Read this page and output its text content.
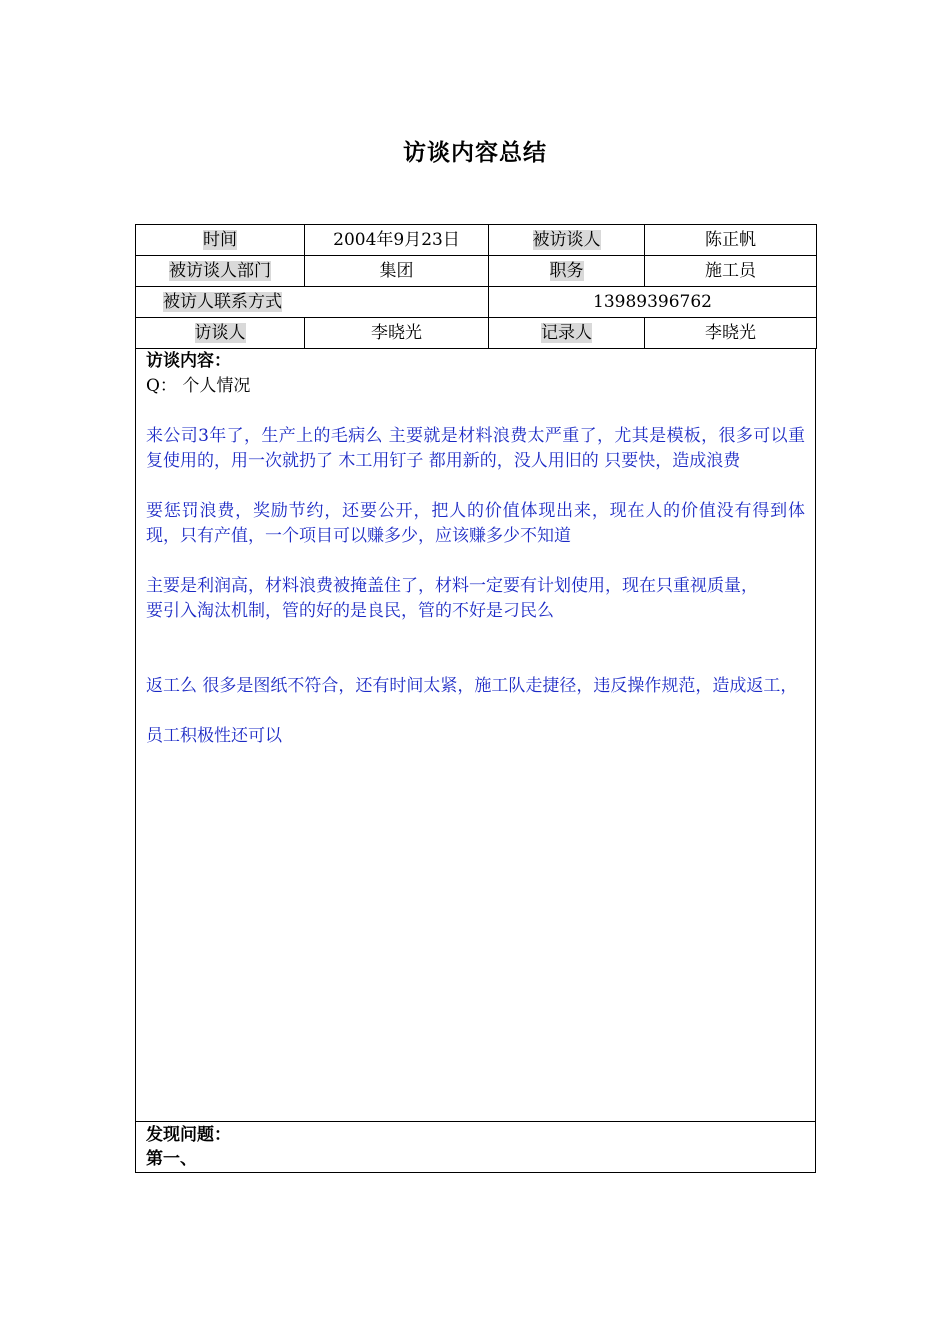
访谈内容总结
时间	2004年9月23日	被访谈人	陈正帆
被访谈人部门	集团	职务	施工员
被访人联系方式		13989396762	
访谈人	李晓光	记录人	李晓光
访谈内容：
Q： 个人情况

来公司3年了，生产上的毛病么 主要就是材料浪费太严重了，尤其是模板，很多可以重复使用的，用一次就扔了 木工用钉子 都用新的，没人用旧的 只要快，造成浪费

要惩罚浪费，奖励节约，还要公开，把人的价值体现出来，现在人的价值没有得到体现，只有产值，一个项目可以赚多少，应该赚多少不知道

主要是利润高，材料浪费被掩盖住了，材料一定要有计划使用，现在只重视质量，

要引入淘汰机制，管的好的是良民，管的不好是刁民么

返工么 很多是图纸不符合，还有时间太紧，施工队走捷径，违反操作规范，造成返工，

员工积极性还可以

发现问题：
第一、
